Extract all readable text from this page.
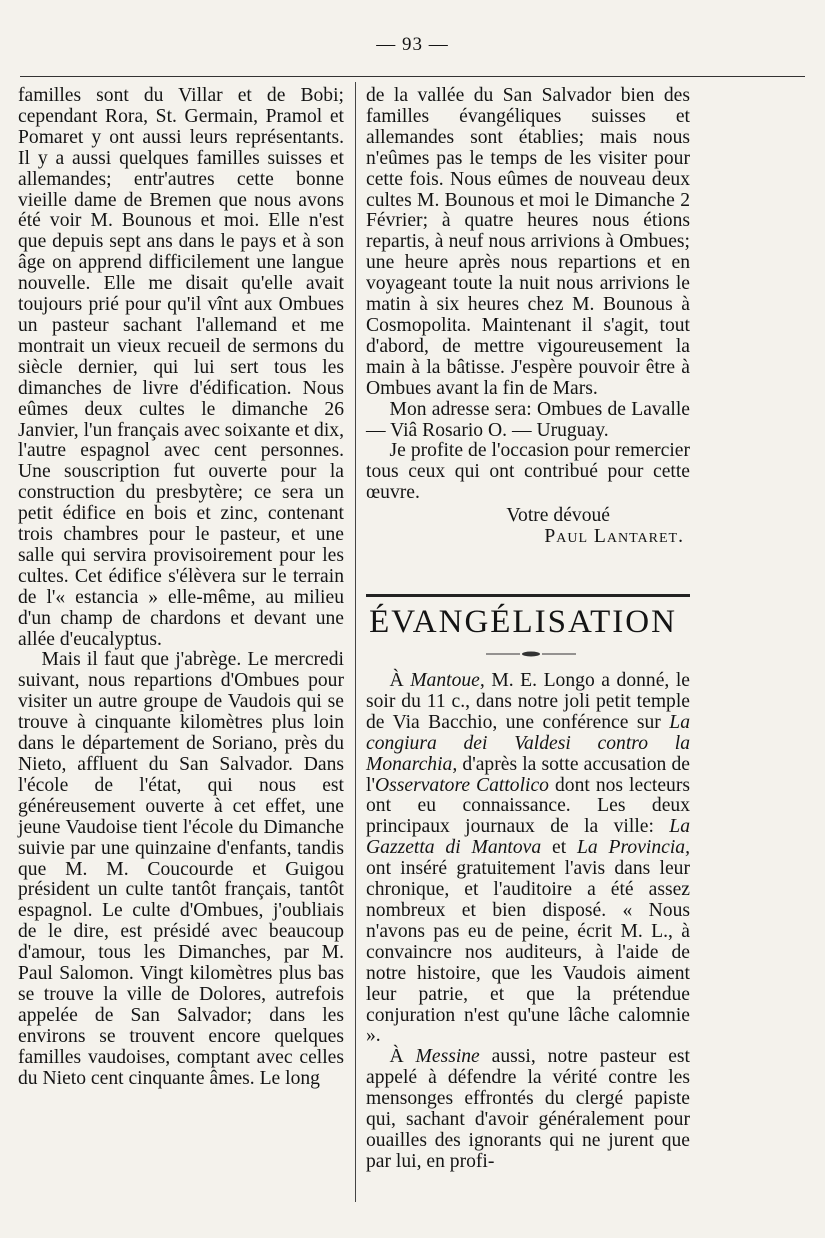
— 93 —

familles sont du Villar et de Bobi; cependant Rora, St. Germain, Pramol et Pomaret y ont aussi leurs représentants. Il y a aussi quelques familles suisses et allemandes; entr'autres cette bonne vieille dame de Bremen que nous avons été voir M. Bounous et moi. Elle n'est que depuis sept ans dans le pays et à son âge on apprend difficilement une langue nouvelle. Elle me disait qu'elle avait toujours prié pour qu'il vînt aux Ombues un pasteur sachant l'allemand et me montrait un vieux recueil de sermons du siècle dernier, qui lui sert tous les dimanches de livre d'édification. Nous eûmes deux cultes le dimanche 26 Janvier, l'un français avec soixante et dix, l'autre espagnol avec cent personnes. Une souscription fut ouverte pour la construction du presbytère; ce sera un petit édifice en bois et zinc, contenant trois chambres pour le pasteur, et une salle qui servira provisoirement pour les cultes. Cet édifice s'élèvera sur le terrain de l'« estancia » elle-même, au milieu d'un champ de chardons et devant une allée d'eucalyptus.

Mais il faut que j'abrège. Le mercredi suivant, nous repartions d'Ombues pour visiter un autre groupe de Vaudois qui se trouve à cinquante kilomètres plus loin dans le département de Soriano, près du Nieto, affluent du San Salvador. Dans l'école de l'état, qui nous est généreusement ouverte à cet effet, une jeune Vaudoise tient l'école du Dimanche suivie par une quinzaine d'enfants, tandis que M. M. Coucourde et Guigou président un culte tantôt français, tantôt espagnol. Le culte d'Ombues, j'oubliais de le dire, est présidé avec beaucoup d'amour, tous les Dimanches, par M. Paul Salomon. Vingt kilomètres plus bas se trouve la ville de Dolores, autrefois appelée de San Salvador; dans les environs se trouvent encore quelques familles vaudoises, comptant avec celles du Nieto cent cinquante âmes. Le long

de la vallée du San Salvador bien des familles évangéliques suisses et allemandes sont établies; mais nous n'eûmes pas le temps de les visiter pour cette fois. Nous eûmes de nouveau deux cultes M. Bounous et moi le Dimanche 2 Février; à quatre heures nous étions repartis, à neuf nous arrivions à Ombues; une heure après nous repartions et en voyageant toute la nuit nous arrivions le matin à six heures chez M. Bounous à Cosmopolita. Maintenant il s'agit, tout d'abord, de mettre vigoureusement la main à la bâtisse. J'espère pouvoir être à Ombues avant la fin de Mars.

Mon adresse sera: Ombues de Lavalle — Viâ Rosario O. — Uruguay.

Je profite de l'occasion pour remercier tous ceux qui ont contribué pour cette œuvre.

Votre dévoué

Paul Lantaret.

ÉVANGÉLISATION

À Mantoue, M. E. Longo a donné, le soir du 11 c., dans notre joli petit temple de Via Bacchio, une conférence sur La congiura dei Valdesi contro la Monarchia, d'après la sotte accusation de l'Osservatore Cattolico dont nos lecteurs ont eu connaissance. Les deux principaux journaux de la ville: La Gazzetta di Mantova et La Provincia, ont inséré gratuitement l'avis dans leur chronique, et l'auditoire a été assez nombreux et bien disposé. « Nous n'avons pas eu de peine, écrit M. L., à convaincre nos auditeurs, à l'aide de notre histoire, que les Vaudois aiment leur patrie, et que la prétendue conjuration n'est qu'une lâche calomnie ».

À Messine aussi, notre pasteur est appelé à défendre la vérité contre les mensonges effrontés du clergé papiste qui, sachant d'avoir généralement pour ouailles des ignorants qui ne jurent que par lui, en profi-
